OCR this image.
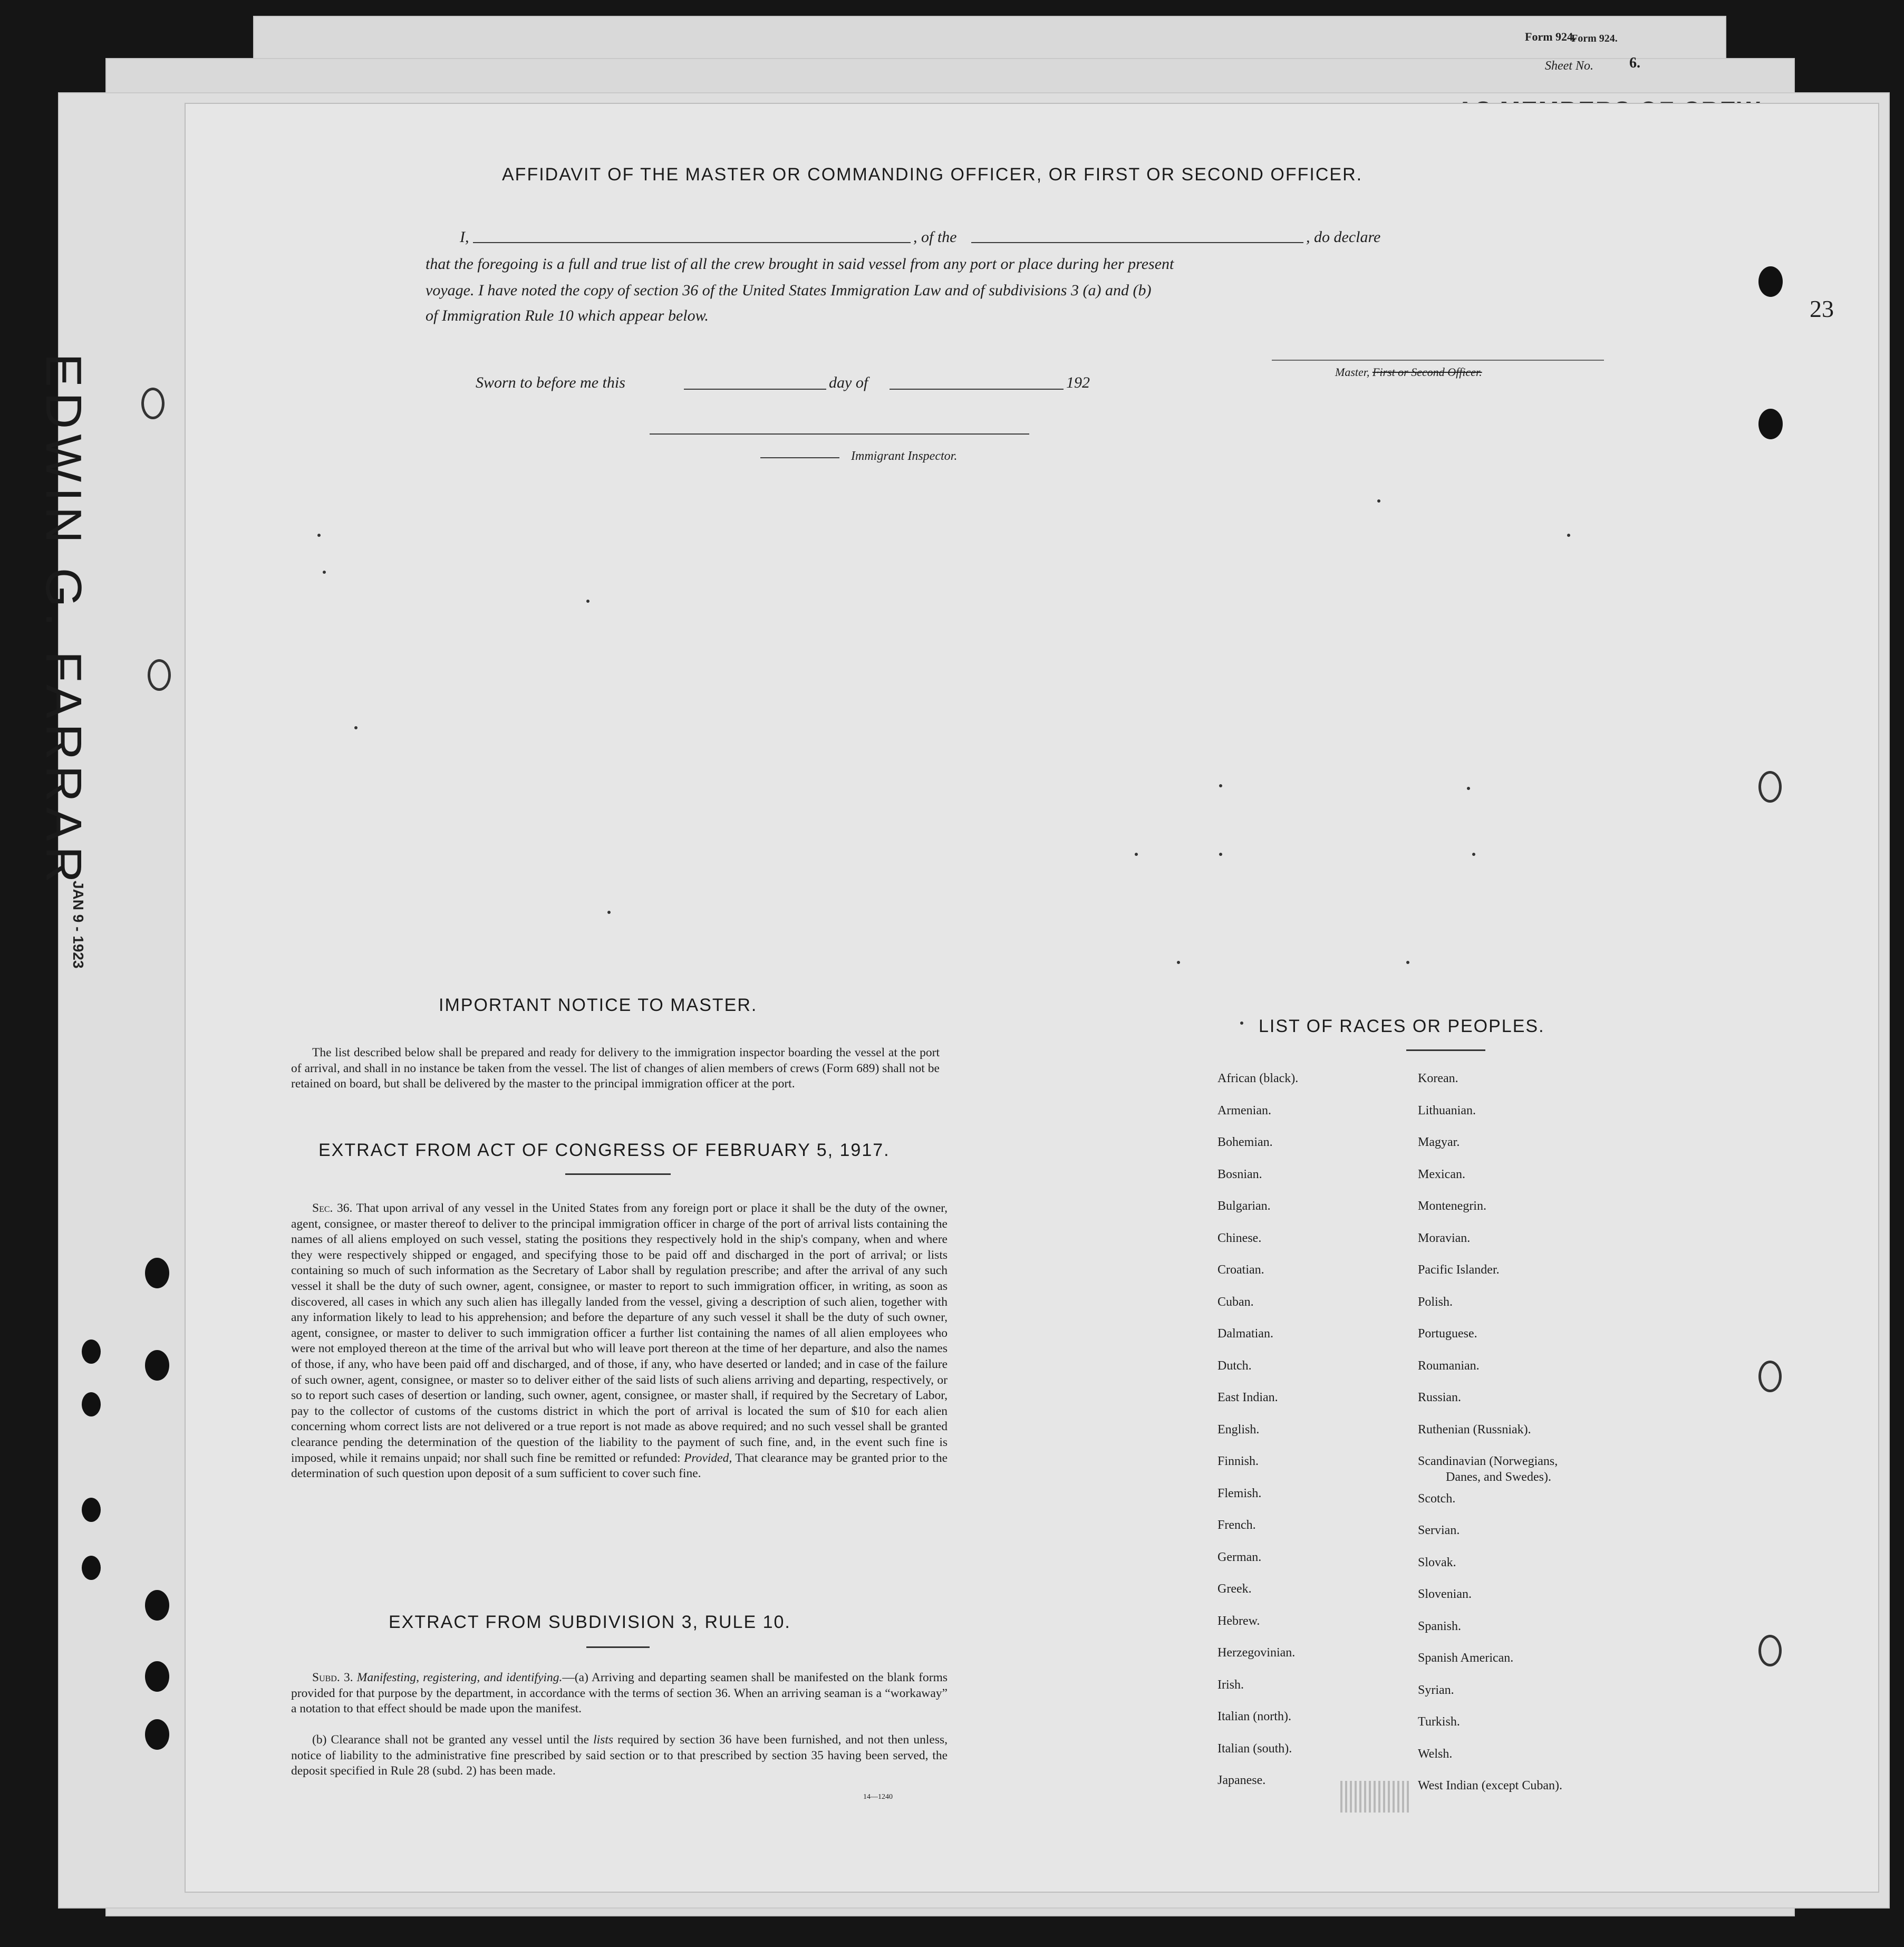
Form 924.
Form 924.
Sheet No. 6.
EDWIN G. FARRAR
JAN 9 - 1923
23
AFFIDAVIT OF THE MASTER OR COMMANDING OFFICER, OR FIRST OR SECOND OFFICER.
I,	, of the	, do declare
that the foregoing is a full and true list of all the crew brought in said vessel from any port or place during her present
voyage. I have noted the copy of section 36 of the United States Immigration Law and of subdivisions 3 (a) and (b)
of Immigration Rule 10 which appear below.
Master, First or Second Officer.
Sworn to before me this	day of	192
Immigrant Inspector.
IMPORTANT NOTICE TO MASTER.
The list described below shall be prepared and ready for delivery to the immigration inspector boarding the vessel at the port of arrival, and shall in no instance be taken from the vessel. The list of changes of alien members of crews (Form 689) shall not be retained on board, but shall be delivered by the master to the principal immigration officer at the port.
EXTRACT FROM ACT OF CONGRESS OF FEBRUARY 5, 1917.
Sec. 36. That upon arrival of any vessel in the United States from any foreign port or place it shall be the duty of the owner, agent, consignee, or master thereof to deliver to the principal immigration officer in charge of the port of arrival lists containing the names of all aliens employed on such vessel, stating the positions they respectively hold in the ship's company, when and where they were respectively shipped or engaged, and specifying those to be paid off and discharged in the port of arrival; or lists containing so much of such information as the Secretary of Labor shall by regulation prescribe; and after the arrival of any such vessel it shall be the duty of such owner, agent, consignee, or master to report to such immigration officer, in writing, as soon as discovered, all cases in which any such alien has illegally landed from the vessel, giving a description of such alien, together with any information likely to lead to his apprehension; and before the departure of any such vessel it shall be the duty of such owner, agent, consignee, or master to deliver to such immigration officer a further list containing the names of all alien employees who were not employed thereon at the time of the arrival but who will leave port thereon at the time of her departure, and also the names of those, if any, who have been paid off and discharged, and of those, if any, who have deserted or landed; and in case of the failure of such owner, agent, consignee, or master so to deliver either of the said lists of such aliens arriving and departing, respectively, or so to report such cases of desertion or landing, such owner, agent, consignee, or master shall, if required by the Secretary of Labor, pay to the collector of customs of the customs district in which the port of arrival is located the sum of $10 for each alien concerning whom correct lists are not delivered or a true report is not made as above required; and no such vessel shall be granted clearance pending the determination of the question of the liability to the payment of such fine, and, in the event such fine is imposed, while it remains unpaid; nor shall such fine be remitted or refunded: Provided, That clearance may be granted prior to the determination of such question upon deposit of a sum sufficient to cover such fine.
EXTRACT FROM SUBDIVISION 3, RULE 10.
Subd. 3. Manifesting, registering, and identifying.—(a) Arriving and departing seamen shall be manifested on the blank forms provided for that purpose by the department, in accordance with the terms of section 36. When an arriving seaman is a “workaway” a notation to that effect should be made upon the manifest.
(b) Clearance shall not be granted any vessel until the lists required by section 36 have been furnished, and not then unless, notice of liability to the administrative fine prescribed by said section or to that prescribed by section 35 having been served, the deposit specified in Rule 28 (subd. 2) has been made.
14—1240
LIST OF RACES OR PEOPLES.
African (black).
Armenian.
Bohemian.
Bosnian.
Bulgarian.
Chinese.
Croatian.
Cuban.
Dalmatian.
Dutch.
East Indian.
English.
Finnish.
Flemish.
French.
German.
Greek.
Hebrew.
Herzegovinian.
Irish.
Italian (north).
Italian (south).
Japanese.
Korean.
Lithuanian.
Magyar.
Mexican.
Montenegrin.
Moravian.
Pacific Islander.
Polish.
Portuguese.
Roumanian.
Russian.
Ruthenian (Russniak).
Scandinavian (Norwegians,
Danes, and Swedes).
Scotch.
Servian.
Slovak.
Slovenian.
Spanish.
Spanish American.
Syrian.
Turkish.
Welsh.
West Indian (except Cuban).
